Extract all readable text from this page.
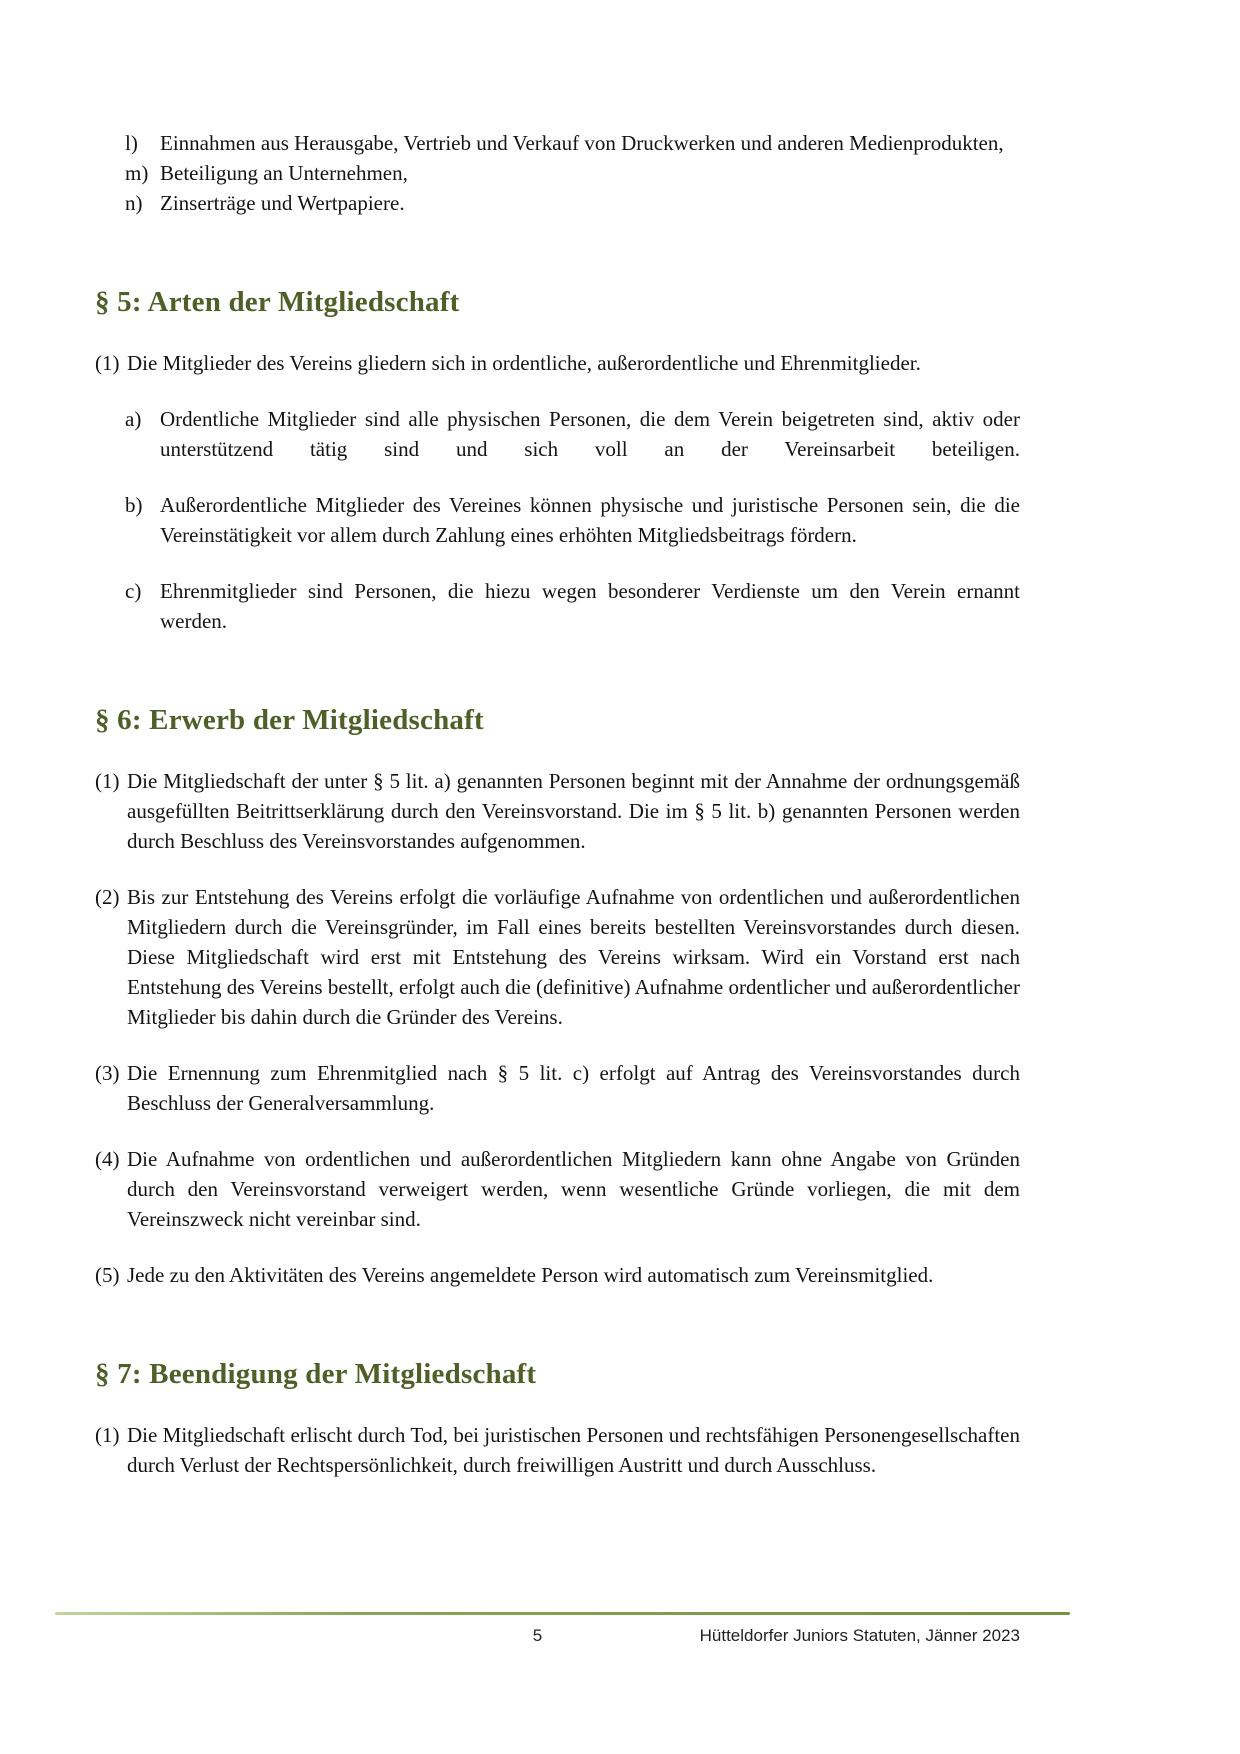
l)	Einnahmen aus Herausgabe, Vertrieb und Verkauf von Druckwerken und anderen Medienprodukten,
m) Beteiligung an Unternehmen,
n) Zinserträge und Wertpapiere.
§ 5: Arten der Mitgliedschaft
(1) Die Mitglieder des Vereins gliedern sich in ordentliche, außerordentliche und Ehrenmitglieder.
a) Ordentliche Mitglieder sind alle physischen Personen, die dem Verein beigetreten sind, aktiv oder unterstützend tätig sind und sich voll an der Vereinsarbeit beteiligen.
b) Außerordentliche Mitglieder des Vereines können physische und juristische Personen sein, die die Vereinstätigkeit vor allem durch Zahlung eines erhöhten Mitgliedsbeitrags fördern.
c) Ehrenmitglieder sind Personen, die hiezu wegen besonderer Verdienste um den Verein ernannt werden.
§ 6: Erwerb der Mitgliedschaft
(1) Die Mitgliedschaft der unter § 5 lit. a) genannten Personen beginnt mit der Annahme der ordnungsgemäß ausgefüllten Beitrittserklärung durch den Vereinsvorstand. Die im § 5 lit. b) genannten Personen werden durch Beschluss des Vereinsvorstandes aufgenommen.
(2) Bis zur Entstehung des Vereins erfolgt die vorläufige Aufnahme von ordentlichen und außerordentlichen Mitgliedern durch die Vereinsgründer, im Fall eines bereits bestellten Vereinsvorstandes durch diesen. Diese Mitgliedschaft wird erst mit Entstehung des Vereins wirksam. Wird ein Vorstand erst nach Entstehung des Vereins bestellt, erfolgt auch die (definitive) Aufnahme ordentlicher und außerordentlicher Mitglieder bis dahin durch die Gründer des Vereins.
(3) Die Ernennung zum Ehrenmitglied nach § 5 lit. c) erfolgt auf Antrag des Vereinsvorstandes durch Beschluss der Generalversammlung.
(4) Die Aufnahme von ordentlichen und außerordentlichen Mitgliedern kann ohne Angabe von Gründen durch den Vereinsvorstand verweigert werden, wenn wesentliche Gründe vorliegen, die mit dem Vereinszweck nicht vereinbar sind.
(5) Jede zu den Aktivitäten des Vereins angemeldete Person wird automatisch zum Vereinsmitglied.
§ 7: Beendigung der Mitgliedschaft
(1) Die Mitgliedschaft erlischt durch Tod, bei juristischen Personen und rechtsfähigen Personengesellschaften durch Verlust der Rechtspersönlichkeit, durch freiwilligen Austritt und durch Ausschluss.
5	Hütteldorfer Juniors Statuten, Jänner 2023
